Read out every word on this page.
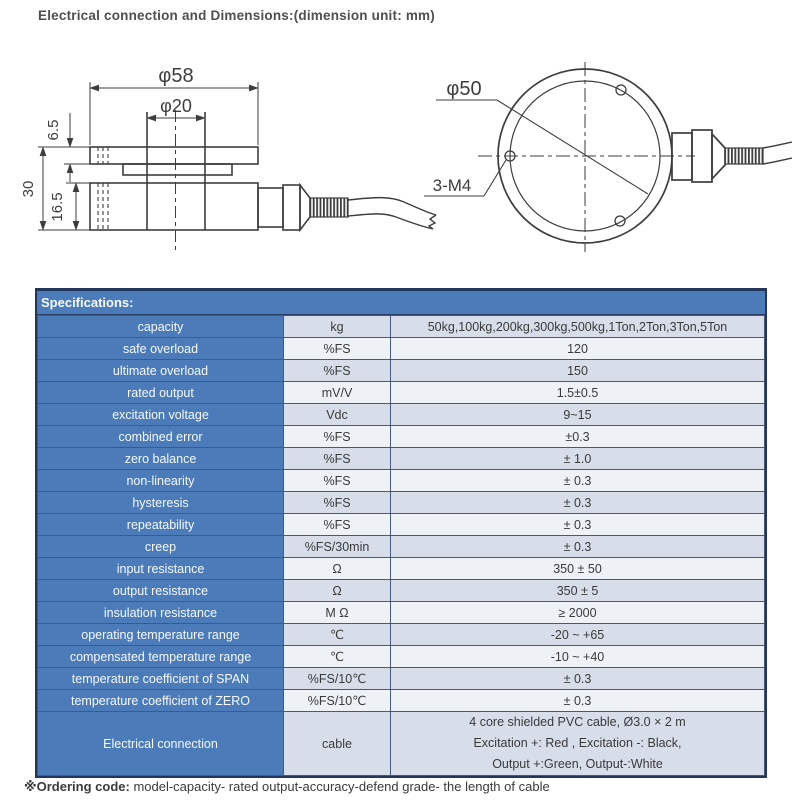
Electrical connection and Dimensions:(dimension unit: mm)
φ58
φ20
6.5
30
16.5
φ50
3-M4
Specifications:
capacity	kg	50kg,100kg,200kg,300kg,500kg,1Ton,2Ton,3Ton,5Ton
safe overload	%FS	120
ultimate overload	%FS	150
rated output	mV/V	1.5±0.5
excitation voltage	Vdc	9~15
combined error	%FS	±0.3
zero balance	%FS	± 1.0
non-linearity	%FS	± 0.3
hysteresis	%FS	± 0.3
repeatability	%FS	± 0.3
creep	%FS/30min	± 0.3
input resistance	Ω	350 ± 50
output resistance	Ω	350 ± 5
insulation resistance	M Ω	≥ 2000
operating temperature range	℃	-20 ~ +65
compensated temperature range	℃	-10 ~ +40
temperature coefficient of SPAN	%FS/10℃	± 0.3
temperature coefficient of ZERO	%FS/10℃	± 0.3
Electrical connection	cable	4 core shielded PVC cable, Ø3.0 × 2 m
Excitation +: Red , Excitation -: Black,
Output +:Green, Output-:White
※Ordering code: model-capacity- rated output-accuracy-defend grade- the length of cable
